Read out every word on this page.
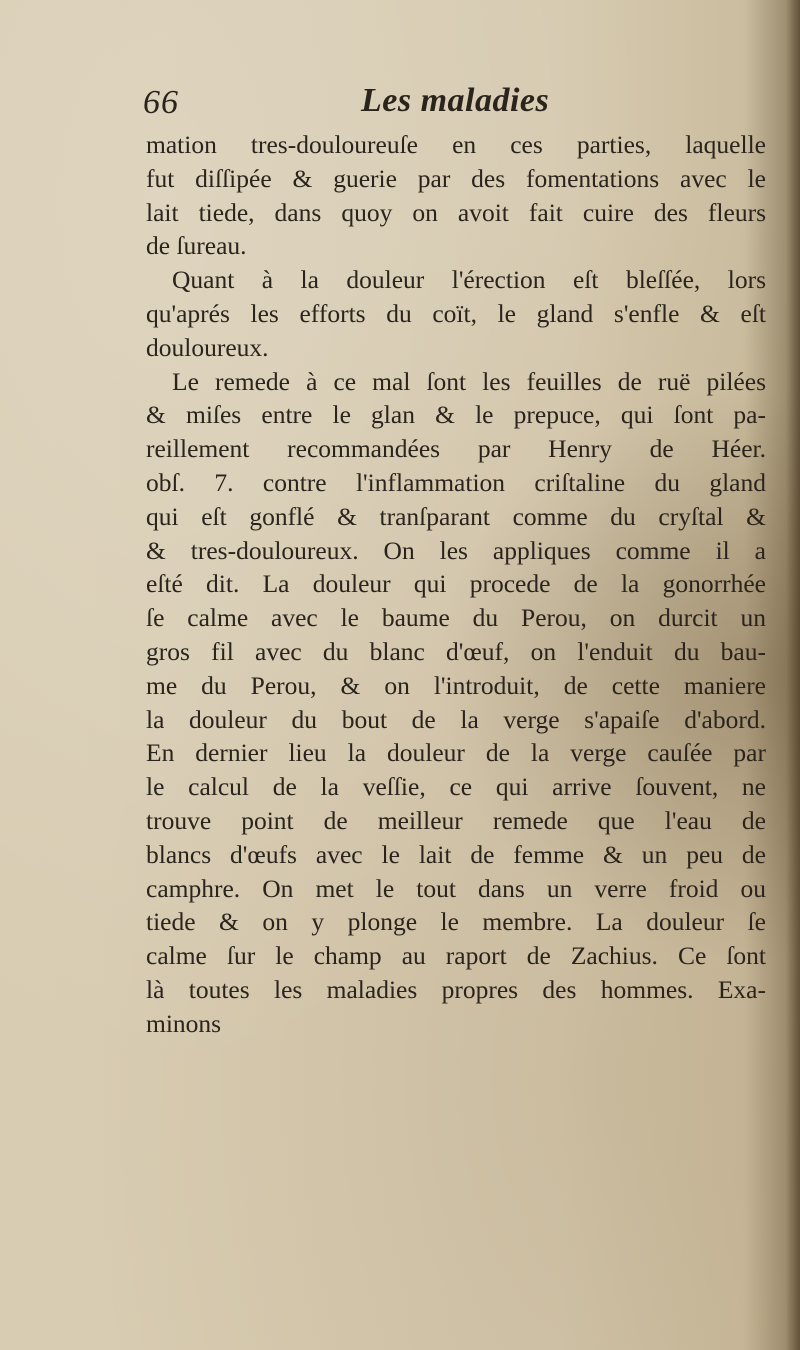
66	Les maladies
mation tres-douloureuſe en ces parties, laquelle
fut diſſipée & guerie par des fomentations avec le
lait tiede, dans quoy on avoit fait cuire des fleurs
de ſureau.
Quant à la douleur l'érection eſt bleſſée, lors
qu'aprés les efforts du coït, le gland s'enfle & eſt
douloureux.
Le remede à ce mal ſont les feuilles de ruë pilées
& miſes entre le glan & le prepuce, qui ſont pa-
reillement recommandées par Henry de Héer.
obſ. 7. contre l'inflammation criſtaline du gland
qui eſt gonflé & tranſparant comme du cryſtal &
& tres-douloureux. On les appliques comme il a
eſté dit. La douleur qui procede de la gonorrhée
ſe calme avec le baume du Perou, on durcit un
gros fil avec du blanc d'œuf, on l'enduit du bau-
me du Perou, & on l'introduit, de cette maniere
la douleur du bout de la verge s'apaiſe d'abord.
En dernier lieu la douleur de la verge cauſée par
le calcul de la veſſie, ce qui arrive ſouvent, ne
trouve point de meilleur remede que l'eau de
blancs d'œufs avec le lait de femme & un peu de
camphre. On met le tout dans un verre froid ou
tiede & on y plonge le membre. La douleur ſe
calme ſur le champ au raport de Zachius. Ce ſont
là toutes les maladies propres des hommes. Exa-
minons
